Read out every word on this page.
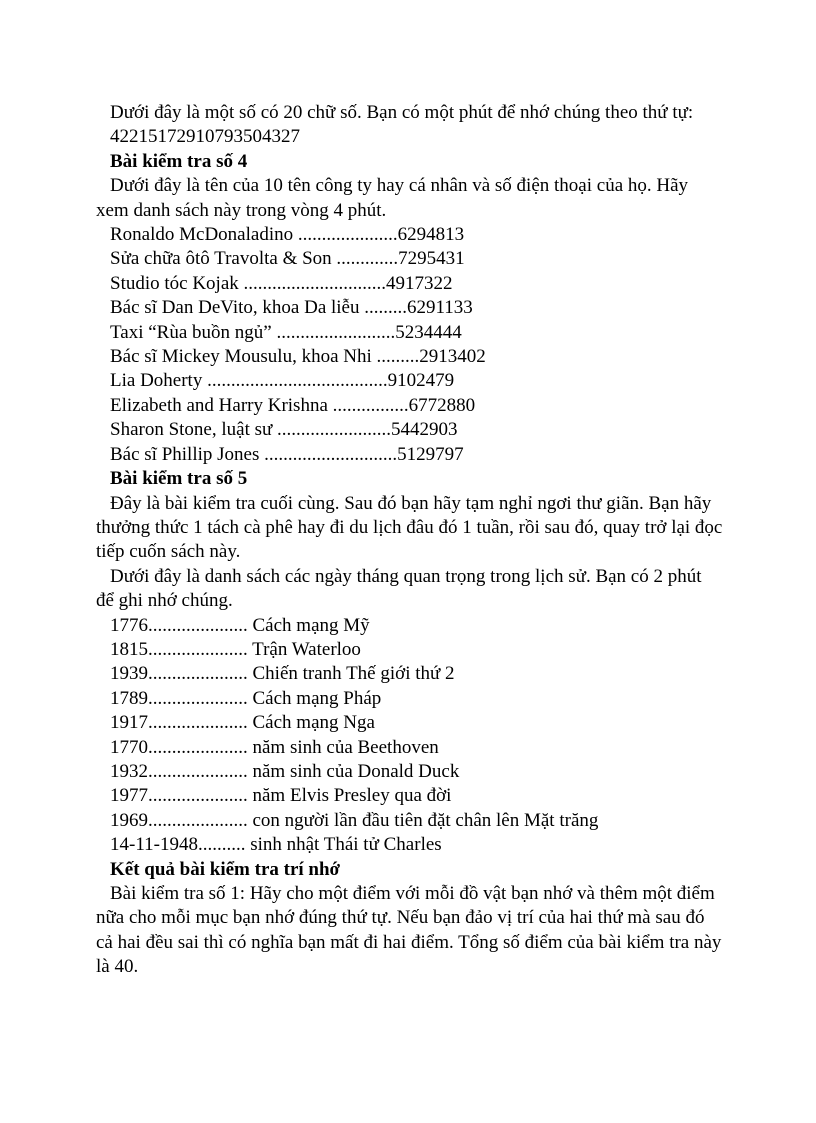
Dưới đây là một số có 20 chữ số. Bạn có một phút để nhớ chúng theo thứ tự:

42215172910793504327

Bài kiểm tra số 4

Dưới đây là tên của 10 tên công ty hay cá nhân và số điện thoại của họ. Hãy xem danh sách này trong vòng 4 phút.

Ronaldo McDonaladino .....................6294813

Sửa chữa ôtô Travolta & Son .............7295431

Studio tóc Kojak ..............................4917322

Bác sĩ Dan DeVito, khoa Da liễu .........6291133

Taxi “Rùa buồn ngủ” .........................5234444

Bác sĩ Mickey Mousulu, khoa Nhi .........2913402

Lia Doherty ......................................9102479

Elizabeth and Harry Krishna ................6772880

Sharon Stone, luật sư ........................5442903

Bác sĩ Phillip Jones ............................5129797

Bài kiểm tra số 5

Đây là bài kiểm tra cuối cùng. Sau đó bạn hãy tạm nghỉ ngơi thư giãn. Bạn hãy thưởng thức 1 tách cà phê hay đi du lịch đâu đó 1 tuần, rồi sau đó, quay trở lại đọc tiếp cuốn sách này.

Dưới đây là danh sách các ngày tháng quan trọng trong lịch sử. Bạn có 2 phút để ghi nhớ chúng.

1776..................... Cách mạng Mỹ

1815..................... Trận Waterloo

1939..................... Chiến tranh Thế giới thứ 2

1789..................... Cách mạng Pháp

1917..................... Cách mạng Nga

1770..................... năm sinh của Beethoven

1932..................... năm sinh của Donald Duck

1977..................... năm Elvis Presley qua đời

1969..................... con người lần đầu tiên đặt chân lên Mặt trăng

14-11-1948.......... sinh nhật Thái tử Charles

Kết quả bài kiểm tra trí nhớ

Bài kiểm tra số 1: Hãy cho một điểm với mỗi đồ vật bạn nhớ và thêm một điểm nữa cho mỗi mục bạn nhớ đúng thứ tự. Nếu bạn đảo vị trí của hai thứ mà sau đó cả hai đều sai thì có nghĩa bạn mất đi hai điểm. Tổng số điểm của bài kiểm tra này là 40.
